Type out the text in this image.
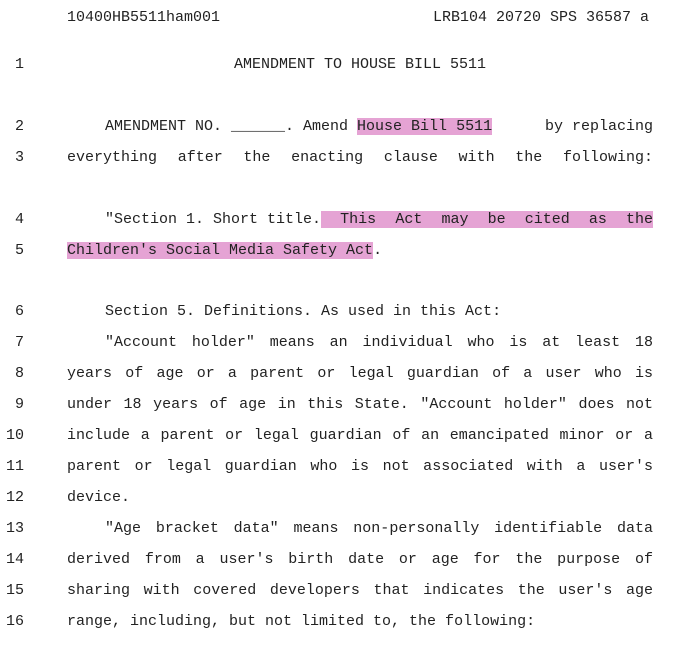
10400HB5511ham001	LRB104 20720 SPS 36587 a
1
2
3
4
5
6
7
8
9
10
11
12
13
14
15
16
AMENDMENT TO HOUSE BILL 5511
AMENDMENT NO. ______. Amend House Bill 5511	by replacing
everything after the enacting clause with the following:
"Section 1. Short title. This Act may be cited as the
Children's Social Media Safety Act.
Section 5. Definitions. As used in this Act:
"Account holder" means an individual who is at least 18
years of age or a parent or legal guardian of a user who is
under 18 years of age in this State. "Account holder" does not
include a parent or legal guardian of an emancipated minor or a
parent or legal guardian who is not associated with a user's
device.
"Age bracket data" means non-personally identifiable data
derived from a user's birth date or age for the purpose of
sharing with covered developers that indicates the user's age
range, including, but not limited to, the following:
